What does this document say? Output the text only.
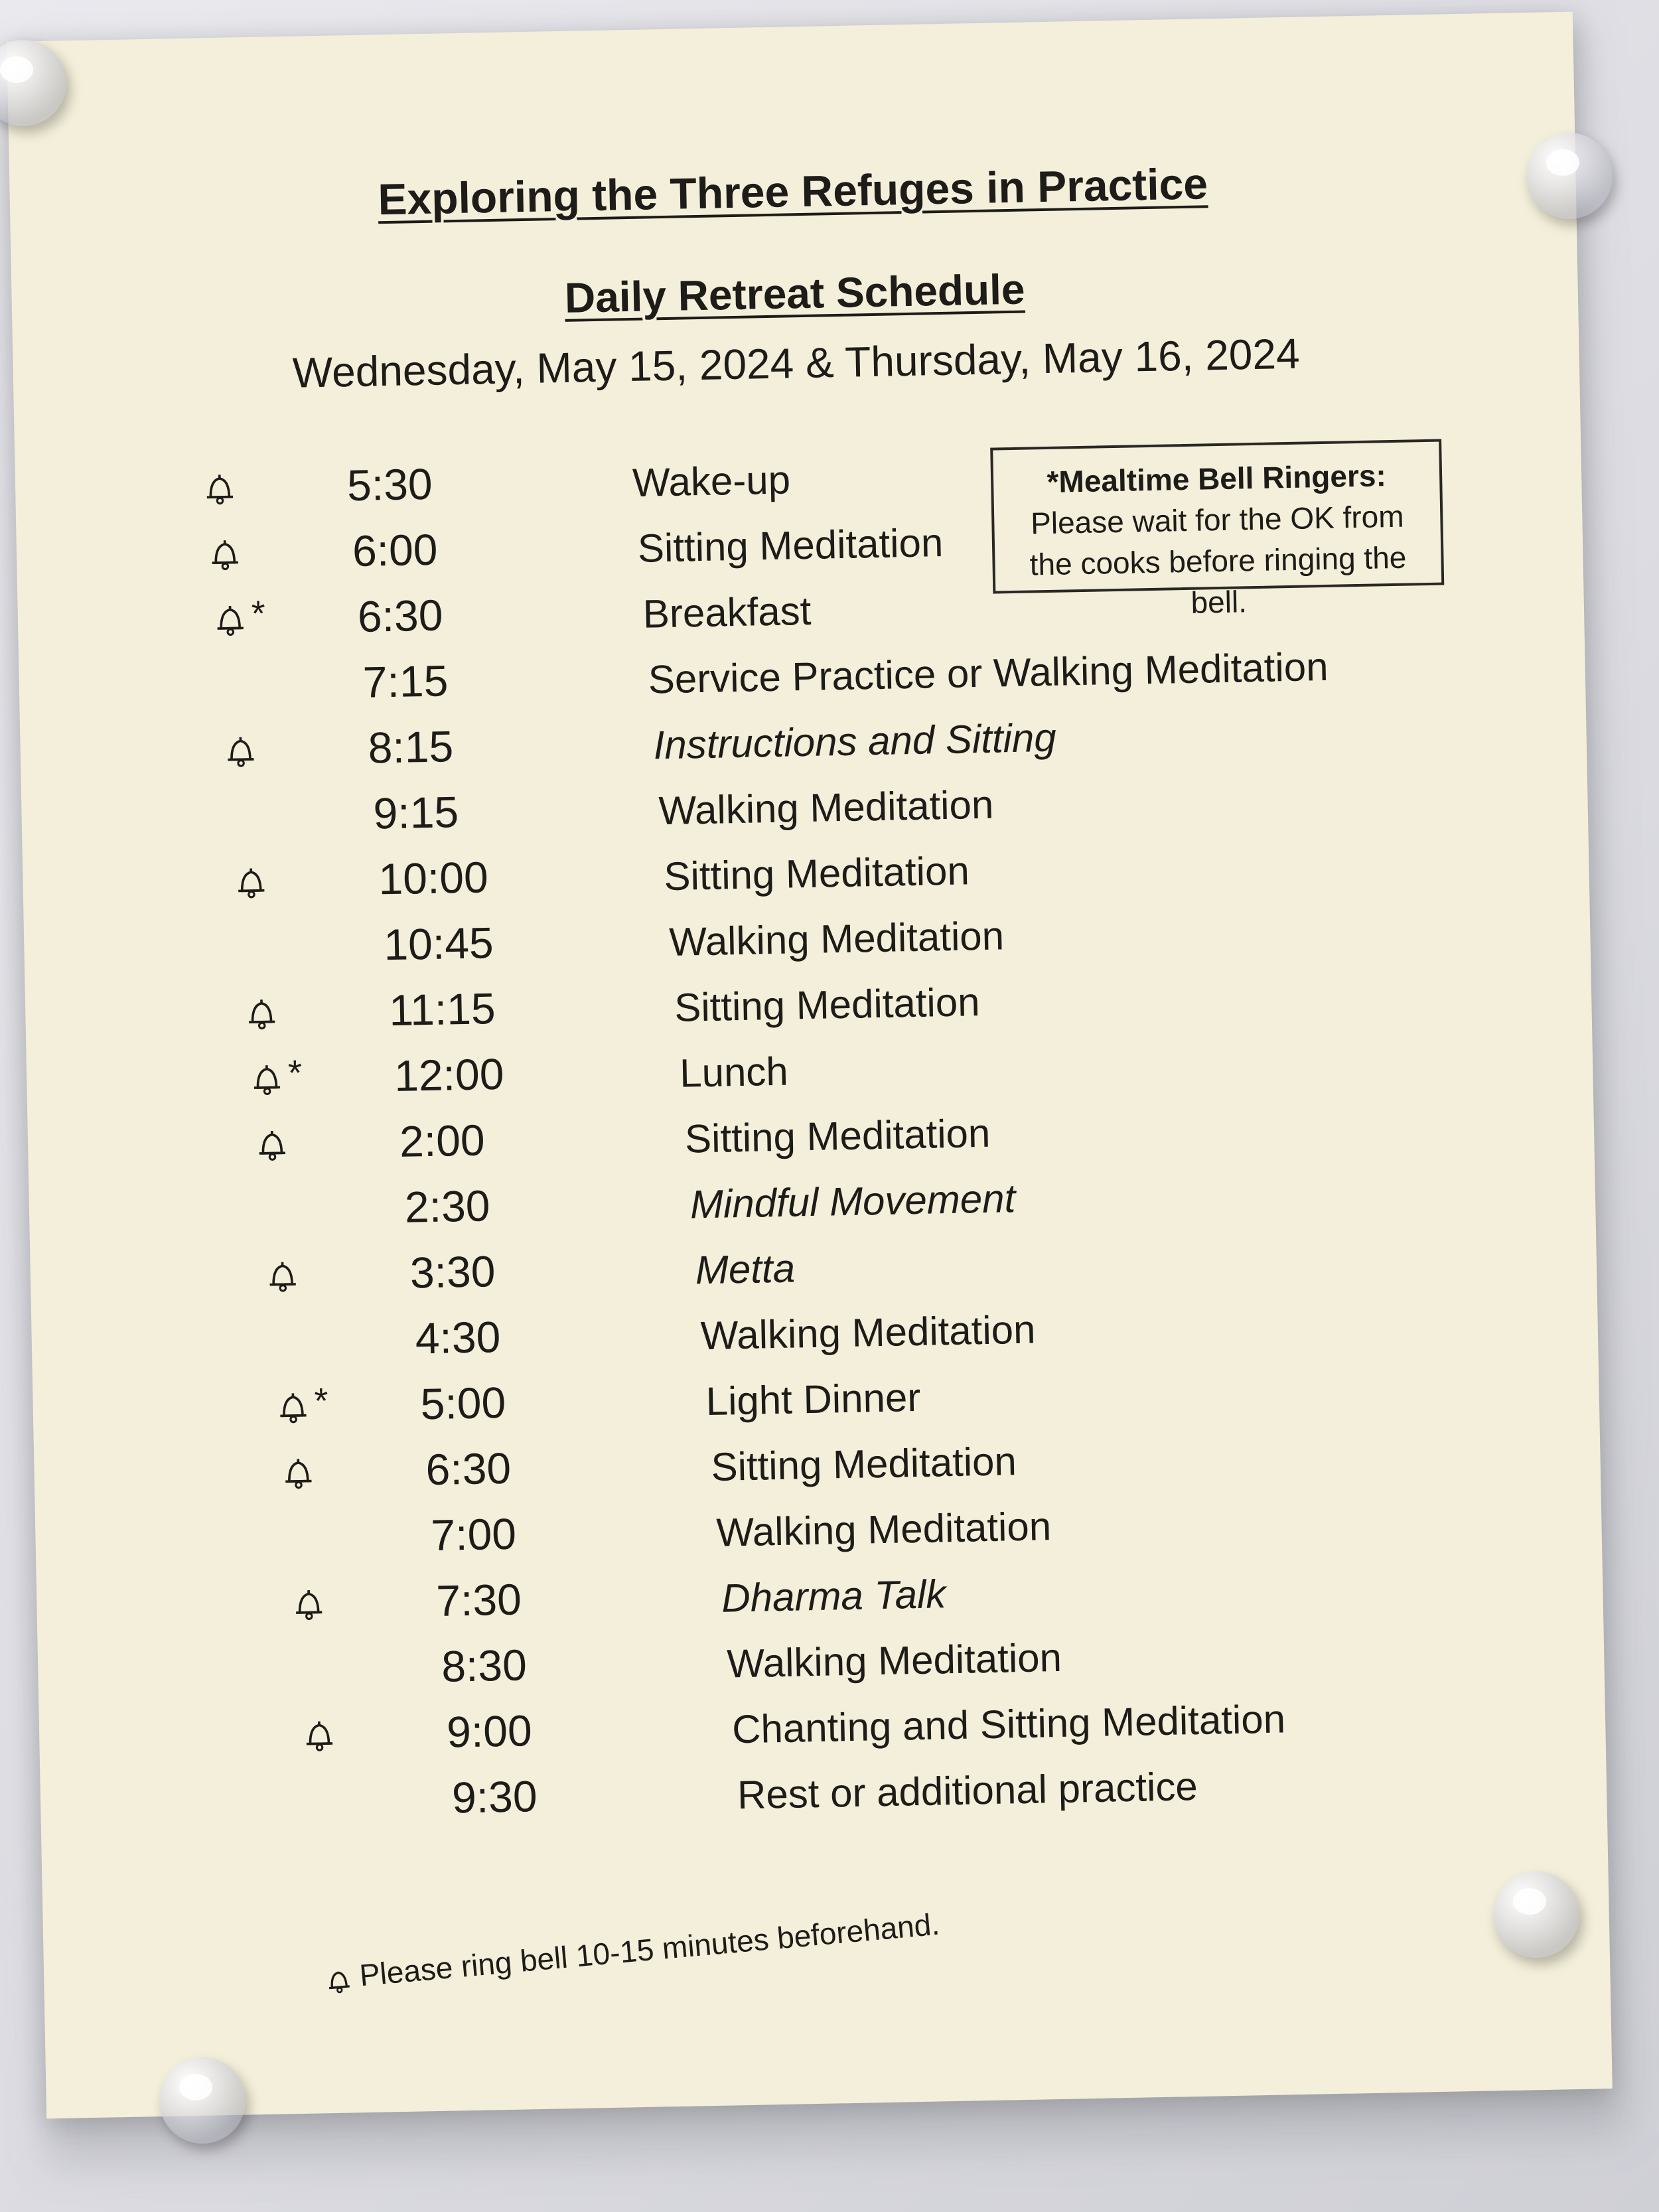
Exploring the Three Refuges in Practice
Daily Retreat Schedule
Wednesday, May 15, 2024 & Thursday, May 16, 2024
*Mealtime Bell Ringers: Please wait for the OK from the cooks before ringing the bell.
5:30	Wake-up
6:00	Sitting Meditation
* 6:30	Breakfast
7:15	Service Practice or Walking Meditation
8:15	Instructions and Sitting
9:15	Walking Meditation
10:00	Sitting Meditation
10:45	Walking Meditation
11:15	Sitting Meditation
* 12:00	Lunch
2:00	Sitting Meditation
2:30	Mindful Movement
3:30	Metta
4:30	Walking Meditation
* 5:00	Light Dinner
6:30	Sitting Meditation
7:00	Walking Meditation
7:30	Dharma Talk
8:30	Walking Meditation
9:00	Chanting and Sitting Meditation
9:30	Rest or additional practice
Please ring bell 10-15 minutes beforehand.
